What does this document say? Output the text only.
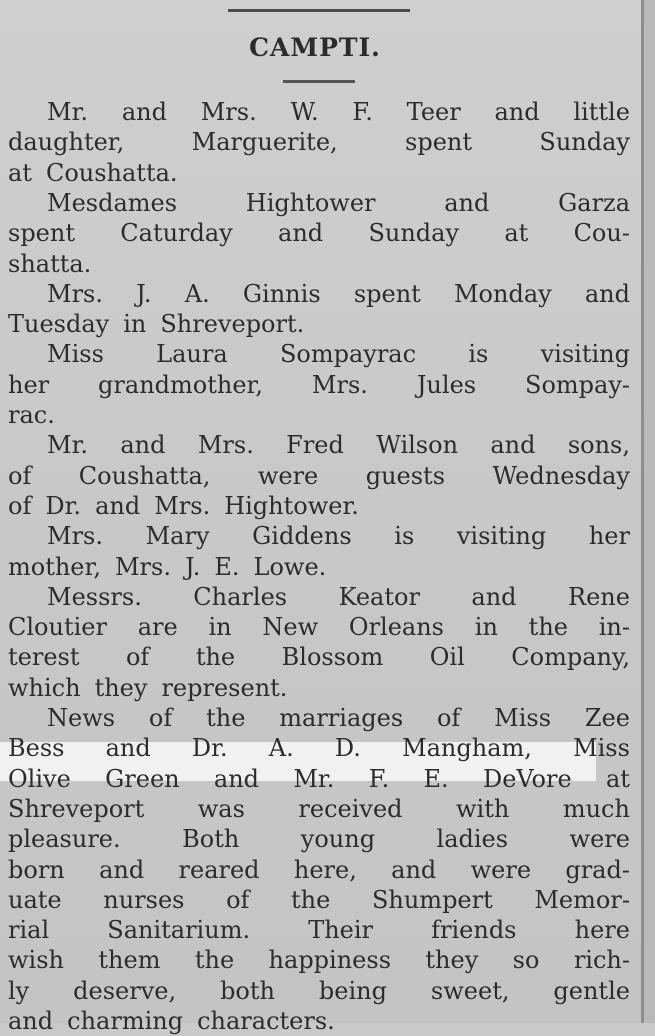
CAMPTI.
Mr. and Mrs. W. F. Teer and little
daughter,	Marguerite,	spent	Sunday
at Coushatta.
Mesdames	Hightower	and	Garza
spent Caturday and Sunday at Cou-
shatta.
Mrs. J. A. Ginnis spent Monday and
Tuesday in Shreveport.
Miss Laura Sompayrac is visiting
her grandmother, Mrs. Jules Sompay-
rac.
Mr. and Mrs. Fred Wilson and sons,
of Coushatta, were guests Wednesday
of Dr. and Mrs. Hightower.
Mrs. Mary Giddens is visiting her
mother, Mrs. J. E. Lowe.
Messrs. Charles Keator and Rene
Cloutier are in New Orleans in the in-
terest of the Blossom Oil Company,
which they represent.
News of the marriages of Miss Zee
Bess and Dr. A. D. Mangham, Miss
Olive Green and Mr. F. E. DeVore at
Shreveport was received with much
pleasure.	Both	young	ladies	were
born and reared here, and were grad-
uate nurses of the Shumpert Memor-
rial Sanitarium. Their friends here
wish them the happiness they so rich-
ly deserve, both being sweet, gentle
and charming characters.
